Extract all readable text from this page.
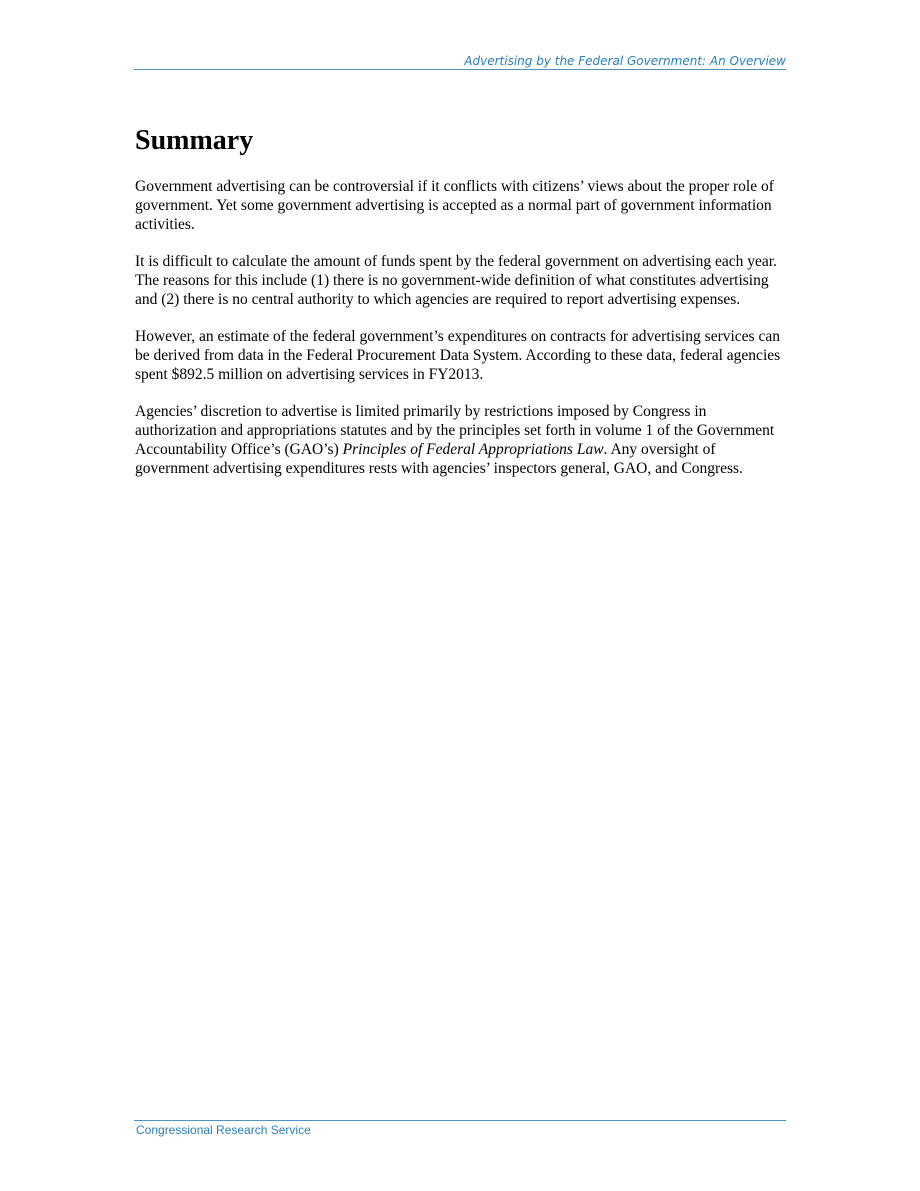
Advertising by the Federal Government: An Overview
Summary

Government advertising can be controversial if it conflicts with citizens’ views about the proper role of government. Yet some government advertising is accepted as a normal part of government information activities.

It is difficult to calculate the amount of funds spent by the federal government on advertising each year. The reasons for this include (1) there is no government-wide definition of what constitutes advertising and (2) there is no central authority to which agencies are required to report advertising expenses.

However, an estimate of the federal government’s expenditures on contracts for advertising services can be derived from data in the Federal Procurement Data System. According to these data, federal agencies spent $892.5 million on advertising services in FY2013.

Agencies’ discretion to advertise is limited primarily by restrictions imposed by Congress in authorization and appropriations statutes and by the principles set forth in volume 1 of the Government Accountability Office’s (GAO’s) Principles of Federal Appropriations Law. Any oversight of government advertising expenditures rests with agencies’ inspectors general, GAO, and Congress.

Congressional Research Service
